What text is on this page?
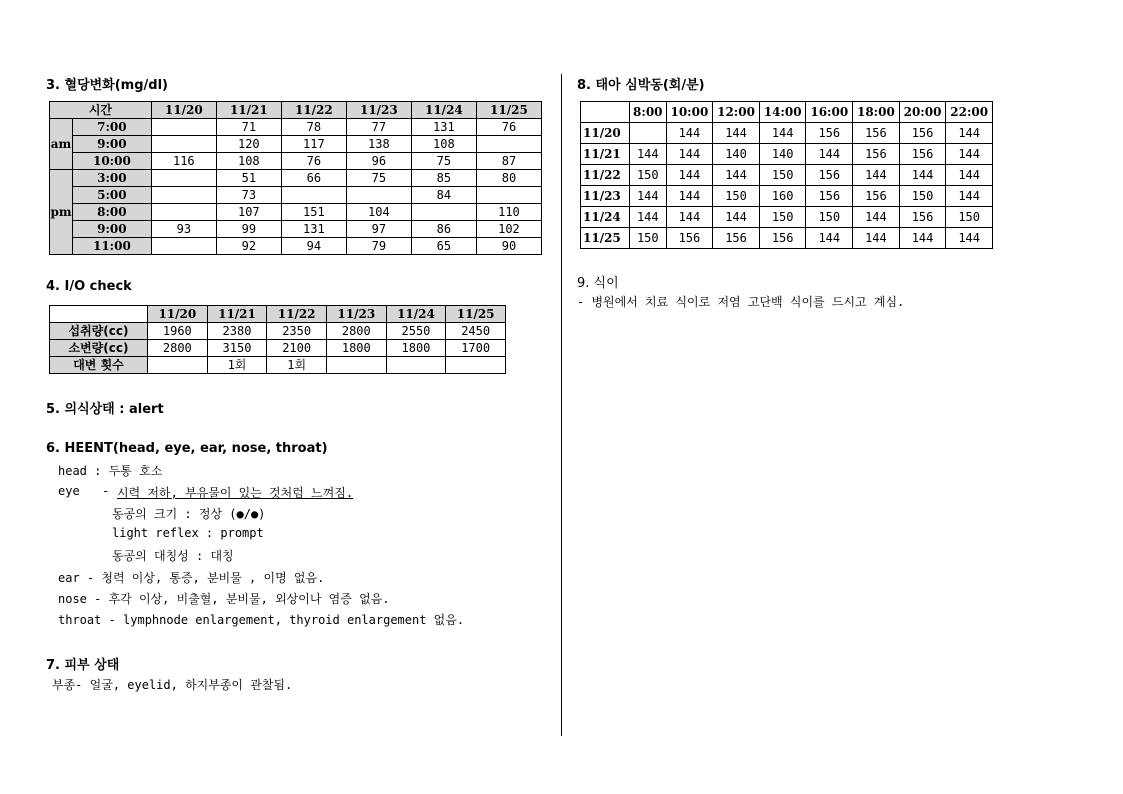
3. 혈당변화(mg/dl)
시간		11/20	11/21	11/22	11/23	11/24	11/25
am	7:00		71	78	77	131	76
	9:00		120	117	138	108	
	10:00	116	108	76	96	75	87
pm	3:00		51	66	75	85	80
	5:00		73			84	
	8:00		107	151	104		110
	9:00	93	99	131	97	86	102
	11:00		92	94	79	65	90
4. I/O check
	11/20	11/21	11/22	11/23	11/24	11/25
섭취량(cc)	1960	2380	2350	2800	2550	2450
소변량(cc)	2800	3150	2100	1800	1800	1700
대변 횟수		1회	1회			
5. 의식상태 : alert
6. HEENT(head, eye, ear, nose, throat)
head : 두통 호소
eye - 시력 저하, 부유물이 있는 것처럼 느껴짐.
동공의 크기 : 정상 (●/●)
light reflex : prompt
동공의 대칭성 : 대칭
ear - 청력 이상, 통증, 분비물 , 이명 없음.
nose - 후각 이상, 비출혈, 분비물, 외상이나 염증 없음.
throat - lymphnode enlargement, thyroid enlargement 없음.
7. 피부 상태
부종- 얼굴, eyelid, 하지부종이 관찰됨.
8. 태아 심박동(회/분)
	8:00	10:00	12:00	14:00	16:00	18:00	20:00	22:00
11/20		144	144	144	156	156	156	144
11/21	144	144	140	140	144	156	156	144
11/22	150	144	144	150	156	144	144	144
11/23	144	144	150	160	156	156	150	144
11/24	144	144	144	150	150	144	156	150
11/25	150	156	156	156	144	144	144	144
9. 식이
- 병원에서 치료 식이로 저염 고단백 식이를 드시고 계심.
